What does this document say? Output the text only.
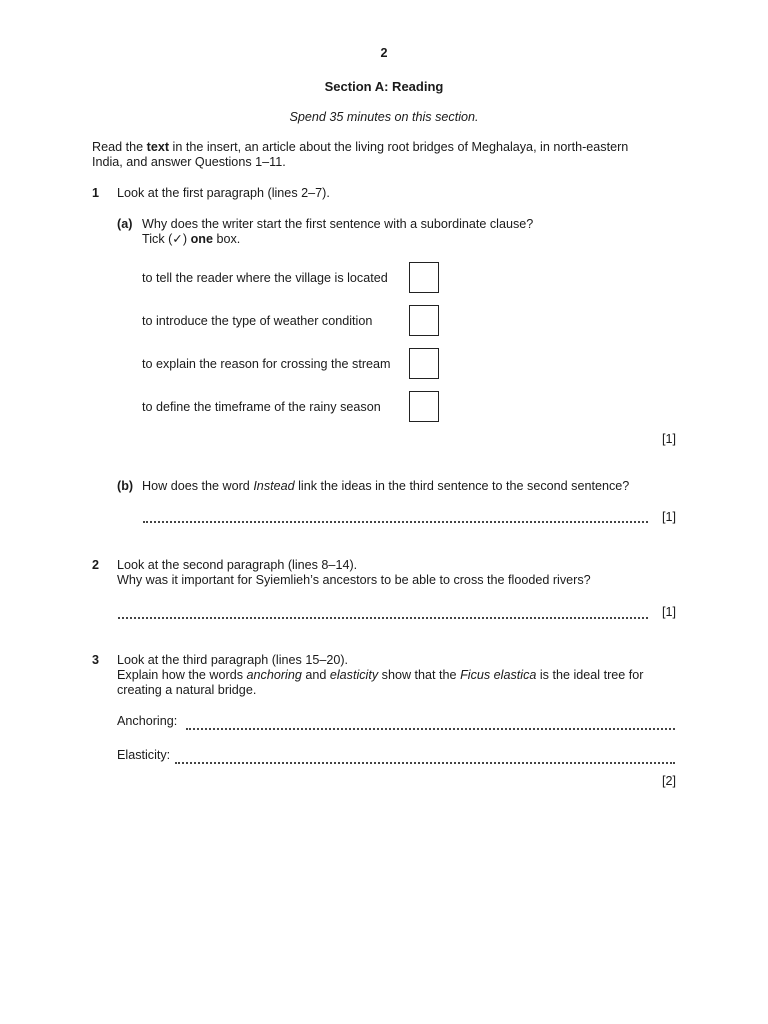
2
Section A: Reading
Spend 35 minutes on this section.
Read the text in the insert, an article about the living root bridges of Meghalaya, in north-eastern
India, and answer Questions 1–11.
1 Look at the first paragraph (lines 2–7).
(a) Why does the writer start the first sentence with a subordinate clause?
Tick (✓) one box.
to tell the reader where the village is located
to introduce the type of weather condition
to explain the reason for crossing the stream
to define the timeframe of the rainy season
[1]
(b) How does the word Instead link the ideas in the third sentence to the second sentence?
[1]
2 Look at the second paragraph (lines 8–14).
Why was it important for Syiemlieh’s ancestors to be able to cross the flooded rivers?
[1]
3 Look at the third paragraph (lines 15–20).
Explain how the words anchoring and elasticity show that the Ficus elastica is the ideal tree for
creating a natural bridge.
Anchoring:
Elasticity:
[2]
